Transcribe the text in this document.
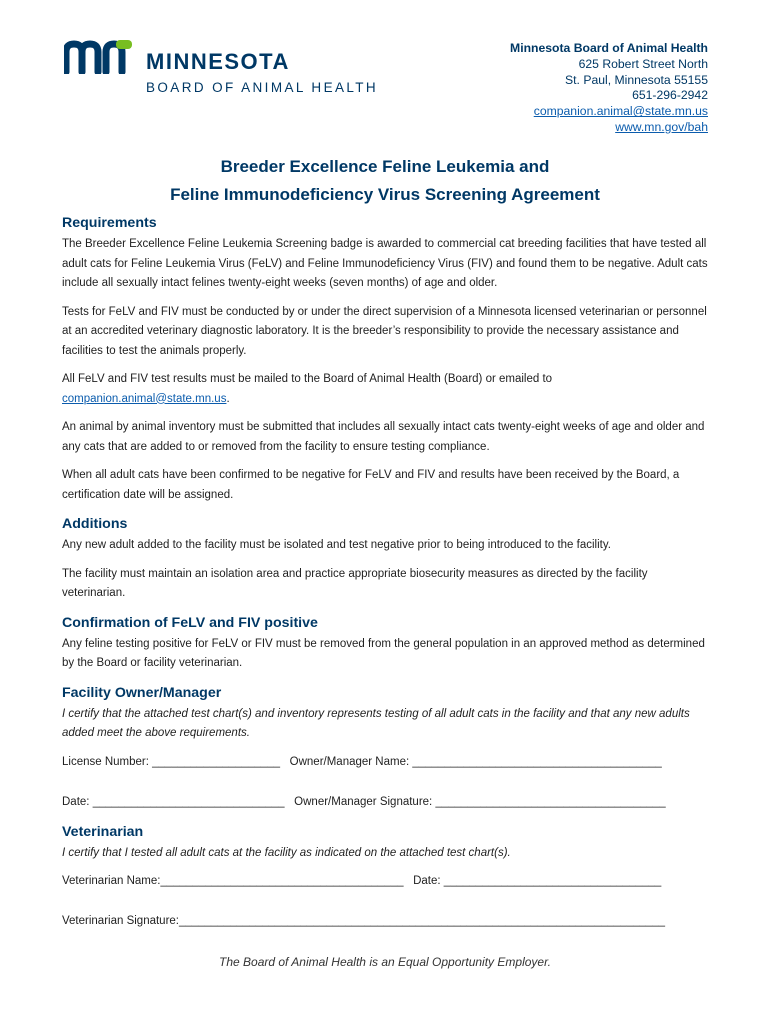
MINNESOTA
BOARD OF ANIMAL HEALTH
Minnesota Board of Animal Health
625 Robert Street North
St. Paul, Minnesota 55155
651-296-2942
companion.animal@state.mn.us
www.mn.gov/bah
Breeder Excellence Feline Leukemia and
Feline Immunodeficiency Virus Screening Agreement
Requirements

The Breeder Excellence Feline Leukemia Screening badge is awarded to commercial cat breeding facilities that have tested all adult cats for Feline Leukemia Virus (FeLV) and Feline Immunodeficiency Virus (FIV) and found them to be negative. Adult cats include all sexually intact felines twenty-eight weeks (seven months) of age and older.

Tests for FeLV and FIV must be conducted by or under the direct supervision of a Minnesota licensed veterinarian or personnel at an accredited veterinary diagnostic laboratory. It is the breeder’s responsibility to provide the necessary assistance and facilities to test the animals properly.

All FeLV and FIV test results must be mailed to the Board of Animal Health (Board) or emailed to
companion.animal@state.mn.us.

An animal by animal inventory must be submitted that includes all sexually intact cats twenty-eight weeks of age and older and any cats that are added to or removed from the facility to ensure testing compliance.

When all adult cats have been confirmed to be negative for FeLV and FIV and results have been received by the Board, a certification date will be assigned.

Additions

Any new adult added to the facility must be isolated and test negative prior to being introduced to the facility.

The facility must maintain an isolation area and practice appropriate biosecurity measures as directed by the facility veterinarian.

Confirmation of FeLV and FIV positive

Any feline testing positive for FeLV or FIV must be removed from the general population in an approved method as determined by the Board or facility veterinarian.

Facility Owner/Manager

I certify that the attached test chart(s) and inventory represents testing of all adult cats in the facility and that any new adults added meet the above requirements.

License Number: ____________________ Owner/Manager Name: _______________________________________
Date: ______________________________ Owner/Manager Signature: ____________________________________
Veterinarian

I certify that I tested all adult cats at the facility as indicated on the attached test chart(s).

Veterinarian Name:______________________________________ Date: __________________________________
Veterinarian Signature:____________________________________________________________________________
The Board of Animal Health is an Equal Opportunity Employer.
